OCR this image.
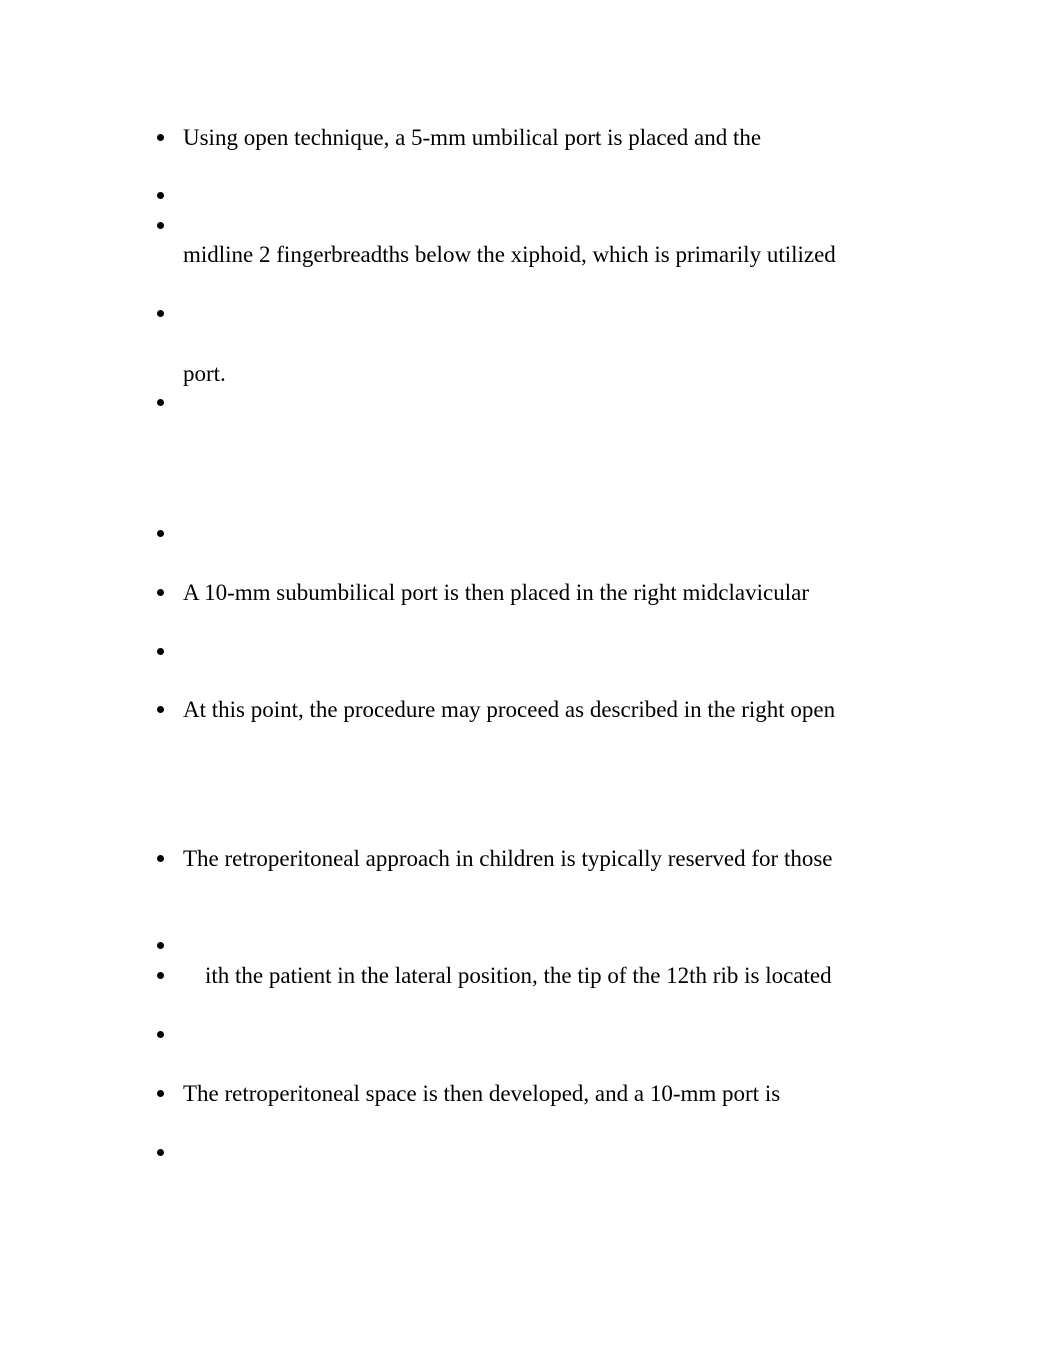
Using open technique, a 5-mm umbilical port is placed and the
midline 2 fingerbreadths below the xiphoid, which is primarily utilized
port.
A 10-mm subumbilical port is then placed in the right midclavicular
At this point, the procedure may proceed as described in the right open
The retroperitoneal approach in children is typically reserved for those
ith the patient in the lateral position, the tip of the 12th rib is located
The retroperitoneal space is then developed, and a 10-mm port is
